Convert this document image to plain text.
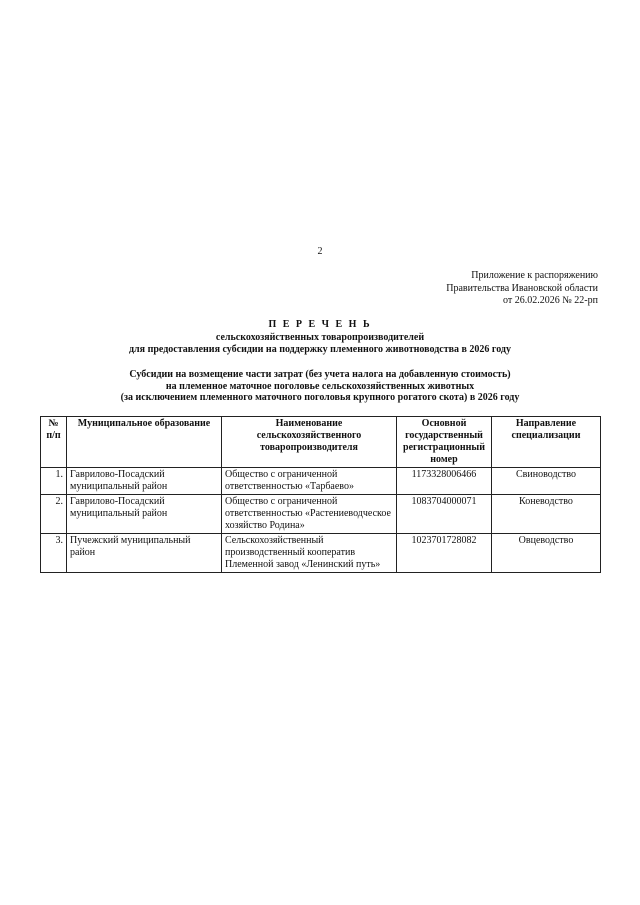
2
Приложение к распоряжению
Правительства Ивановской области
от 26.02.2026 № 22-рп
П Е Р Е Ч Е Н Ь
сельскохозяйственных товаропроизводителей
для предоставления субсидии на поддержку племенного животноводства в 2026 году
Субсидии на возмещение части затрат (без учета налога на добавленную стоимость)
на племенное маточное поголовье сельскохозяйственных животных
(за исключением племенного маточного поголовья крупного рогатого скота) в 2026 году
№ п/п	Муниципальное образование	Наименование сельскохозяйственного товаропроизводителя	Основной государственный регистрационный номер	Направление специализации
1.	Гаврилово-Посадский муниципальный район	Общество с ограниченной ответственностью «Тарбаево»	1173328006466	Свиноводство
2.	Гаврилово-Посадский муниципальный район	Общество с ограниченной ответственностью «Растениеводческое хозяйство Родина»	1083704000071	Коневодство
3.	Пучежский муниципальный район	Сельскохозяйственный производственный кооператив Племенной завод «Ленинский путь»	1023701728082	Овцеводство
